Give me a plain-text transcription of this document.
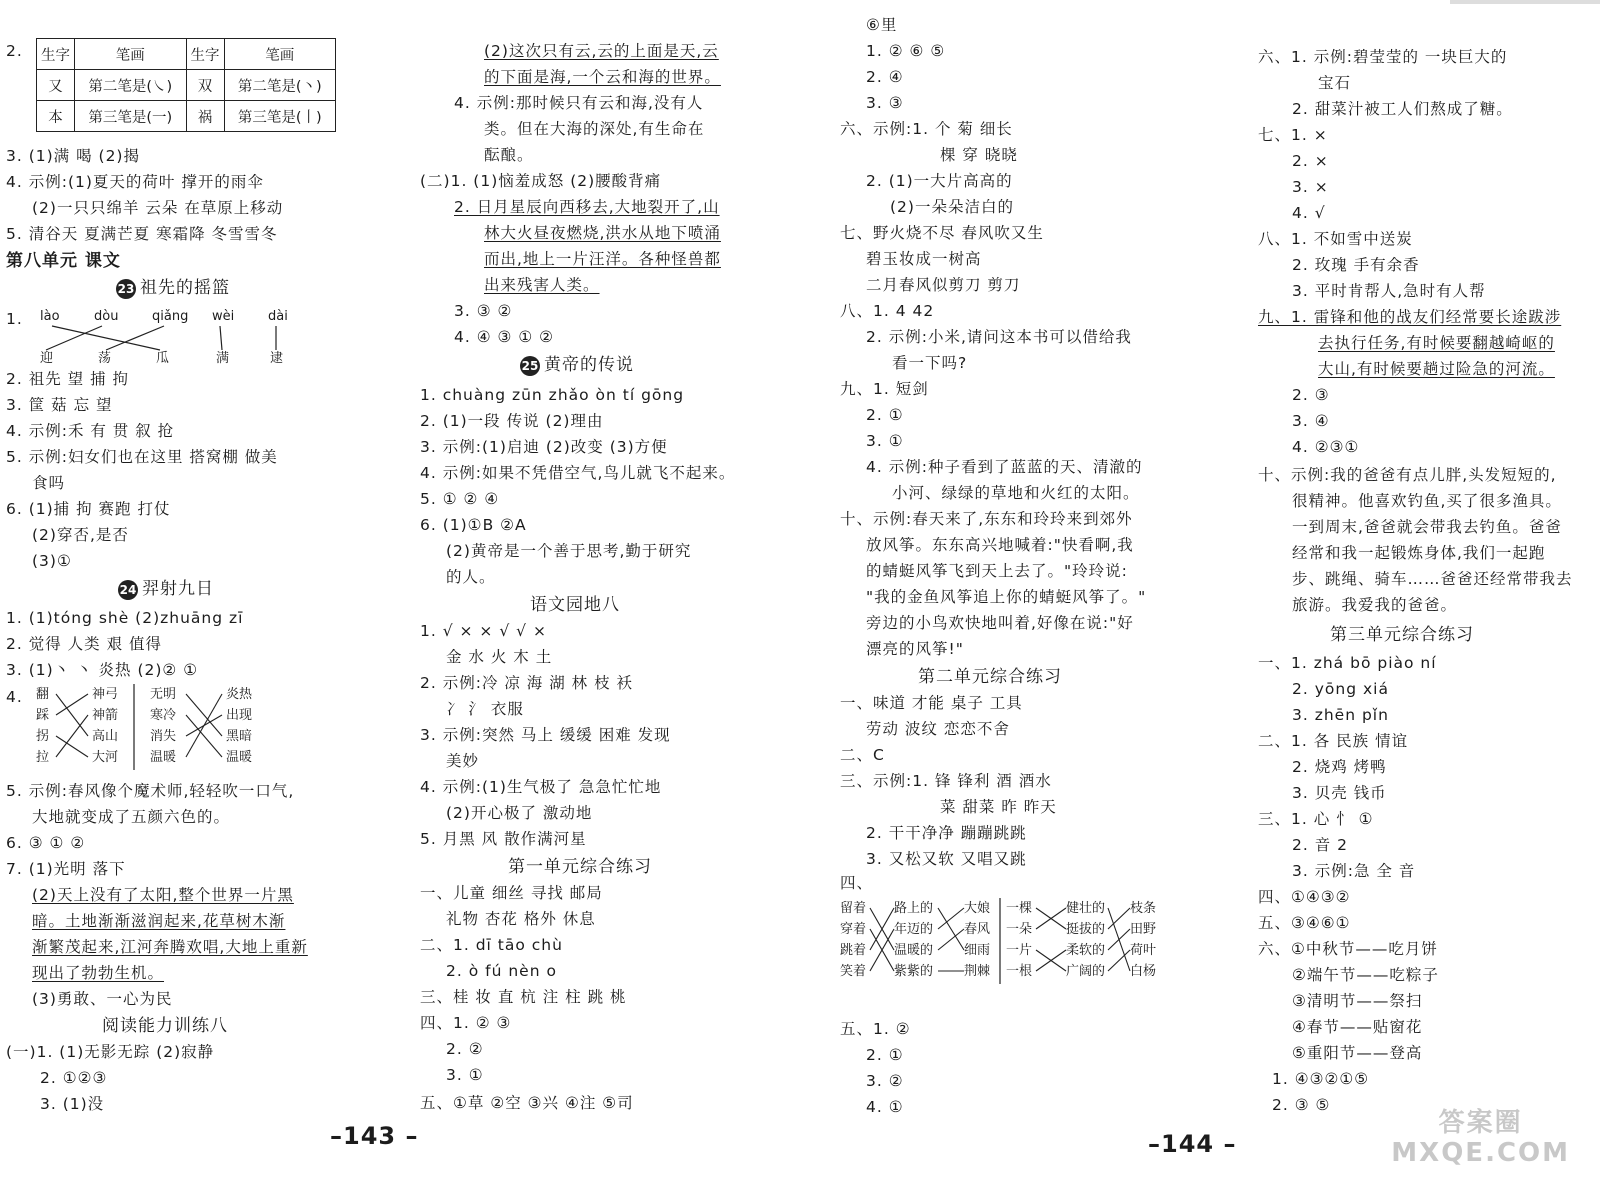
2. 生字	笔画	生字	笔画
又	第二笔是(㇏)	双	第二笔是(丶)
本	第三笔是(一)	祸	第三笔是(丨)
3. (1)满 喝 (2)揭
4. 示例:(1)夏天的荷叶 撑开的雨伞
(2)一只只绵羊 云朵 在草原上移动
5. 清谷天 夏满芒夏 寒霜降 冬雪雪冬
第八单元 课文
23 祖先的摇篮
1. lào	dòu	qiǎng wèi	dài
迎	荡	瓜	满	逮
2. 祖先 望 捕 拘
3. 筐 菇 忘 望
4. 示例:禾 有 贯 叙 抢
5. 示例:妇女们也在这里 搭窝棚 做美
食吗
6. (1)捕 拘 赛跑 打仗
(2)穿否,是否
(3)①
24 羿射九日
1. (1)tóng shè (2)zhuāng zī
2. 觉得 人类 艰 值得
3. (1)丶 丶 炎热 (2)② ①
4. 翻
踩
拐
拉
神弓
神箭
高山
大河
无明
寒冷
消失
温暖
炎热
出现
黑暗
温暖
5. 示例:春风像个魔术师,轻轻吹一口气,
大地就变成了五颜六色的。
6. ③ ① ②
7. (1)光明 落下
(2)天上没有了太阳,整个世界一片黑
暗。土地渐渐滋润起来,花草树木渐
渐繁茂起来,江河奔腾欢唱,大地上重新
现出了勃勃生机。
(3)勇敢、一心为民
阅读能力训练八
(一)1. (1)无影无踪 (2)寂静
2. ①②③
3. (1)没
–143 –
(2)这次只有云,云的上面是天,云
的下面是海,一个云和海的世界。
4. 示例:那时候只有云和海,没有人
类。但在大海的深处,有生命在
酝酿。
(二)1. (1)恼羞成怒 (2)腰酸背痛
2. 日月星辰向西移去,大地裂开了,山
林大火昼夜燃烧,洪水从地下喷涌
而出,地上一片汪洋。各种怪兽都
出来残害人类。
3. ③ ②
4. ④ ③ ① ②
25 黄帝的传说
1. chuàng zūn zhǎo òn tí gōng
2. (1)一段 传说 (2)理由
3. 示例:(1)启迪 (2)改变 (3)方便
4. 示例:如果不凭借空气,鸟儿就飞不起来。
5. ① ② ④
6. (1)①B ②A
(2)黄帝是一个善于思考,勤于研究
的人。
语文园地八
1. √ × × √ √ ×
金 水 火 木 土
2. 示例:冷 凉 海 湖 林 枝 袄
冫 氵 衣服
3. 示例:突然 马上 缓缓 困难 发现
美妙
4. 示例:(1)生气极了 急急忙忙地
(2)开心极了 激动地
5. 月黑 风 散作满河星
第一单元综合练习
一、儿童 细丝 寻找 邮局
礼物 杏花 格外 休息
二、1. dī tāo chù
2. ò fú nèn o
三、桂 妆 直 杭 注 柱 跳 桃
四、1. ② ③
2. ②
3. ①
五、①草 ②空 ③兴 ④注 ⑤司
⑥里
1. ② ⑥ ⑤
2. ④
3. ③
六、示例:1. 个 菊 细长
棵 穿 晓晓
2. (1)一大片高高的
(2)一朵朵洁白的
七、野火烧不尽 春风吹又生
碧玉妆成一树高
二月春风似剪刀 剪刀
八、1. 4 42
2. 示例:小米,请问这本书可以借给我
看一下吗?
九、1. 短剑
2. ①
3. ①
4. 示例:种子看到了蓝蓝的天、清澈的
小河、绿绿的草地和火红的太阳。
十、示例:春天来了,东东和玲玲来到郊外
放风筝。东东高兴地喊着:"快看啊,我
的蜻蜓风筝飞到天上去了。"玲玲说:
"我的金鱼风筝追上你的蜻蜓风筝了。"
旁边的小鸟欢快地叫着,好像在说:"好
漂亮的风筝!"
第二单元综合练习
一、味道 才能 桌子 工具
劳动 波纹 恋恋不舍
二、C
三、示例:1. 锋 锋利 酒 酒水
菜 甜菜 昨 昨天
2. 干干净净 蹦蹦跳跳
3. 又松又软 又唱又跳
四、
留着
穿着
跳着
笑着
路上的
年迈的
温暖的
紫紫的
大娘
春风
细雨
荆棘
一棵
一朵
一片
一根
健壮的
挺拔的
柔软的
广阔的
枝条
田野
荷叶
白杨
五、1. ②
2. ①
3. ②
4. ①
六、1. 示例:碧莹莹的 一块巨大的
宝石
2. 甜菜汁被工人们熬成了糖。
七、1. ×
2. ×
3. ×
4. √
八、1. 不如雪中送炭
2. 玫瑰 手有余香
3. 平时肯帮人,急时有人帮
九、1. 雷锋和他的战友们经常要长途跋涉
去执行任务,有时候要翻越崎岖的
大山,有时候要趟过险急的河流。
2. ③
3. ④
4. ②③①
十、示例:我的爸爸有点儿胖,头发短短的,
很精神。他喜欢钓鱼,买了很多渔具。
一到周末,爸爸就会带我去钓鱼。爸爸
经常和我一起锻炼身体,我们一起跑
步、跳绳、骑车……爸爸还经常带我去
旅游。我爱我的爸爸。
第三单元综合练习
一、1. zhá bō piào ní
2. yōng xiá
3. zhēn pǐn
二、1. 各 民族 情谊
2. 烧鸡 烤鸭
3. 贝壳 钱币
三、1. 心 忄 ①
2. 音 2
3. 示例:急 全 音
四、①④③②
五、③④⑥①
六、①中秋节——吃月饼
②端午节——吃粽子
③清明节——祭扫
④春节——贴窗花
⑤重阳节——登高
1. ④③②①⑤
2. ③ ⑤
–144 –
答案圈
MXQE.COM
